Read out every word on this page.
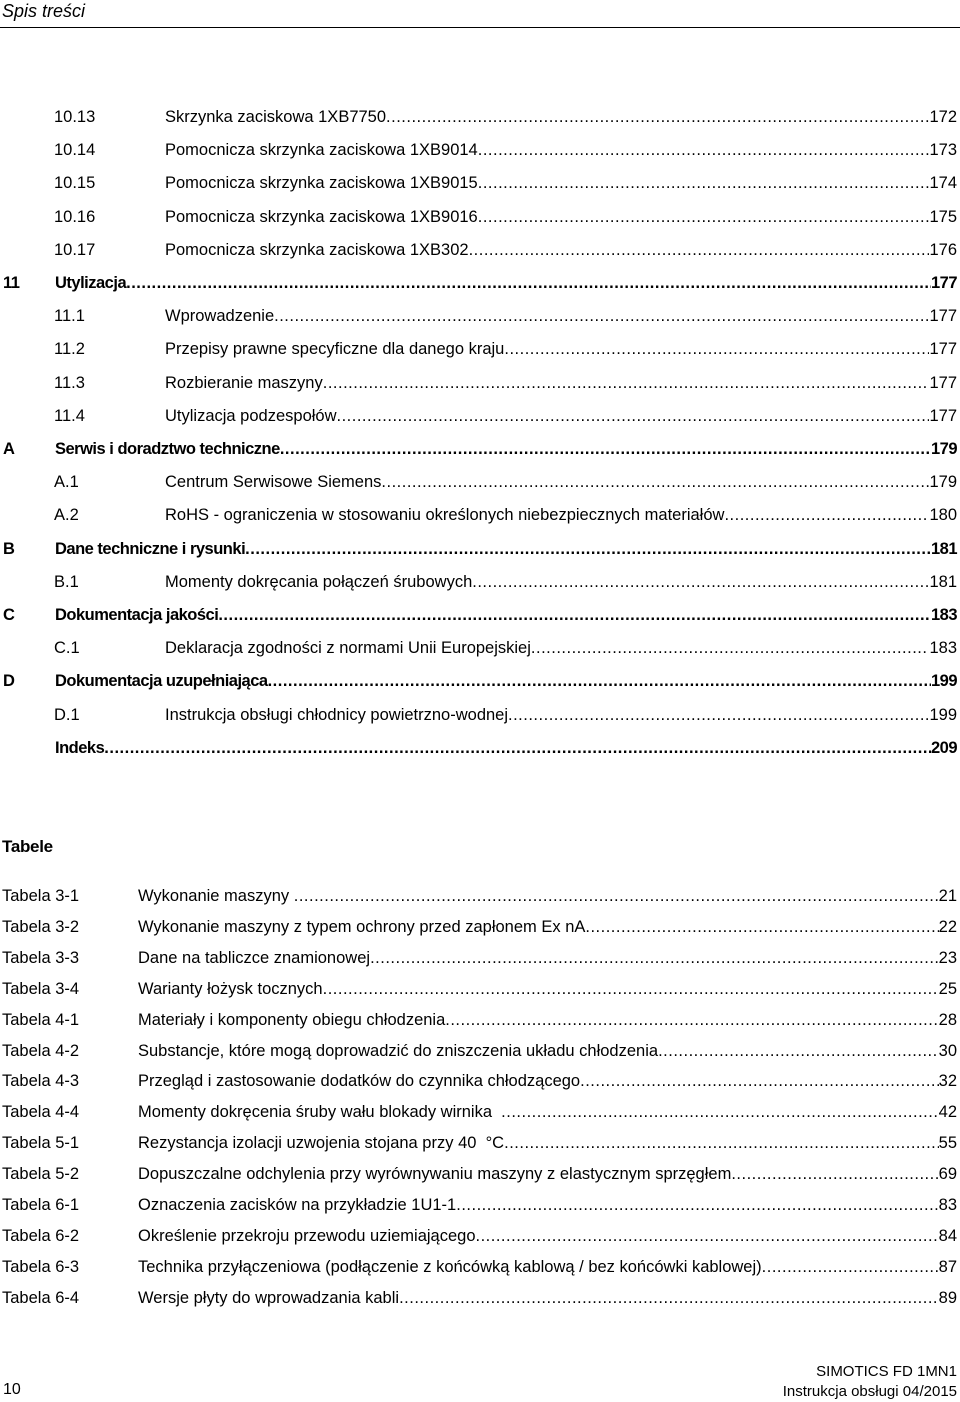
Spis treści
10.13	Skrzynka zaciskowa 1XB7750 .....	172
10.14	Pomocnicza skrzynka zaciskowa 1XB9014 .....	173
10.15	Pomocnicza skrzynka zaciskowa 1XB9015 .....	174
10.16	Pomocnicza skrzynka zaciskowa 1XB9016 .....	175
10.17	Pomocnicza skrzynka zaciskowa 1XB302 .....	176
11 Utylizacja .....	177
11.1	Wprowadzenie .....	177
11.2	Przepisy prawne specyficzne dla danego kraju .....	177
11.3	Rozbieranie maszyny .....	177
11.4	Utylizacja podzespołów .....	177
A Serwis i doradztwo techniczne .....	179
A.1	Centrum Serwisowe Siemens .....	179
A.2	RoHS - ograniczenia w stosowaniu określonych niebezpiecznych materiałów .....	180
B Dane techniczne i rysunki .....	181
B.1	Momenty dokręcania połączeń śrubowych .....	181
C Dokumentacja jakości .....	183
C.1	Deklaracja zgodności z normami Unii Europejskiej .....	183
D Dokumentacja uzupełniająca .....	199
D.1	Instrukcja obsługi chłodnicy powietrzno-wodnej .....	199
Indeks .....	209
Tabele
Tabela 3-1	Wykonanie maszyny .....	21
Tabela 3-2	Wykonanie maszyny z typem ochrony przed zapłonem Ex nA .....	22
Tabela 3-3	Dane na tabliczce znamionowej .....	23
Tabela 3-4	Warianty łożysk tocznych .....	25
Tabela 4-1	Materiały i komponenty obiegu chłodzenia .....	28
Tabela 4-2	Substancje, które mogą doprowadzić do zniszczenia układu chłodzenia .....	30
Tabela 4-3	Przegląd i zastosowanie dodatków do czynnika chłodzącego .....	32
Tabela 4-4	Momenty dokręcenia śruby wału blokady wirnika .....	42
Tabela 5-1	Rezystancja izolacji uzwojenia stojana przy 40  °C .....	55
Tabela 5-2	Dopuszczalne odchylenia przy wyrównywaniu maszyny z elastycznym sprzęgłem .....	69
Tabela 6-1	Oznaczenia zacisków na przykładzie 1U1-1 .....	83
Tabela 6-2	Określenie przekroju przewodu uziemiającego .....	84
Tabela 6-3	Technika przyłączeniowa (podłączenie z końcówką kablową / bez końcówki kablowej) .....	87
Tabela 6-4	Wersje płyty do wprowadzania kabli .....	89
10
SIMOTICS FD 1MN1
Instrukcja obsługi 04/2015
